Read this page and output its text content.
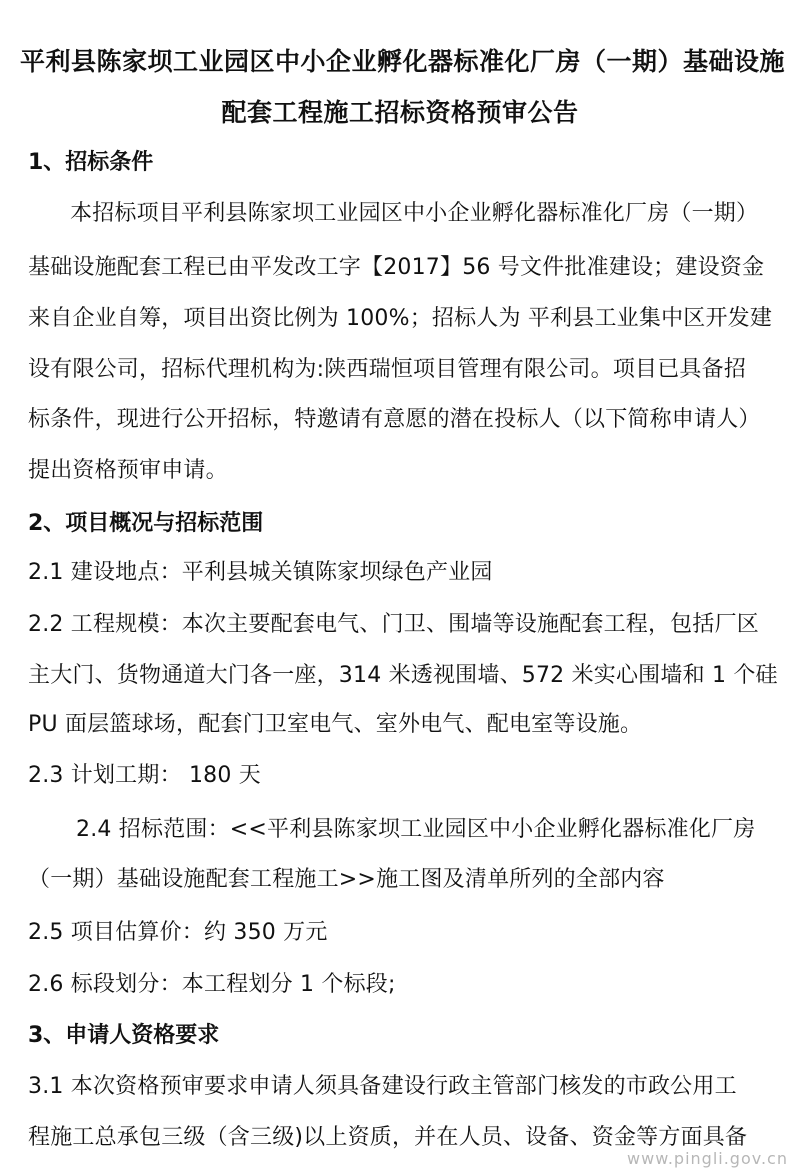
平利县陈家坝工业园区中小企业孵化器标准化厂房（一期）基础设施
配套工程施工招标资格预审公告
1、招标条件
本招标项目平利县陈家坝工业园区中小企业孵化器标准化厂房（一期）
基础设施配套工程已由平发改工字【2017】56 号文件批准建设；建设资金
来自企业自筹，项目出资比例为 100%；招标人为 平利县工业集中区开发建
设有限公司，招标代理机构为:陕西瑞恒项目管理有限公司。项目已具备招
标条件，现进行公开招标，特邀请有意愿的潜在投标人（以下简称申请人）
提出资格预审申请。
2、项目概况与招标范围
2.1 建设地点：平利县城关镇陈家坝绿色产业园
2.2 工程规模：本次主要配套电气、门卫、围墙等设施配套工程，包括厂区
主大门、货物通道大门各一座，314 米透视围墙、572 米实心围墙和 1 个硅
PU 面层篮球场，配套门卫室电气、室外电气、配电室等设施。
2.3 计划工期： 180 天
2.4 招标范围：<<平利县陈家坝工业园区中小企业孵化器标准化厂房
（一期）基础设施配套工程施工>>施工图及清单所列的全部内容
2.5 项目估算价：约 350 万元
2.6 标段划分：本工程划分 1 个标段;
3、申请人资格要求
3.1 本次资格预审要求申请人须具备建设行政主管部门核发的市政公用工
程施工总承包三级（含三级)以上资质，并在人员、设备、资金等方面具备
www.pingli.gov.cn
